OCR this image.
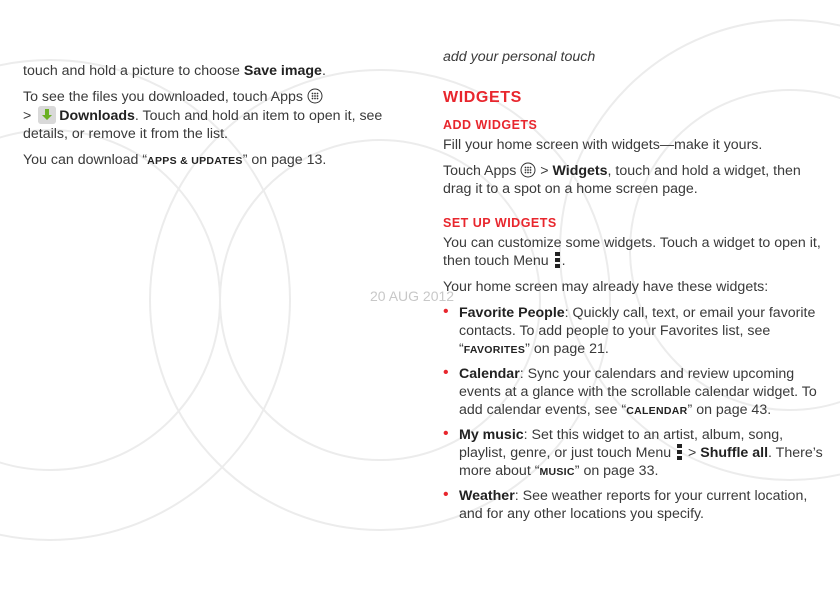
20 AUG 2012

touch and hold a picture to choose Save image.

To see the files you downloaded, touch Apps
> Downloads. Touch and hold an item to open it, see details, or remove it from the list.

You can download “APPS & UPDATES” on page 13.

add your personal touch
WIDGETS
ADD WIDGETS

Fill your home screen with widgets—make it yours.

Touch Apps  > Widgets, touch and hold a widget, then drag it to a spot on a home screen page.

SET UP WIDGETS

You can customize some widgets. Touch a widget to open it, then touch Menu .

Your home screen may already have these widgets:

• Favorite People: Quickly call, text, or email your favorite contacts. To add people to your Favorites list, see “FAVORITES” on page 21.
• Calendar: Sync your calendars and review upcoming events at a glance with the scrollable calendar widget. To add calendar events, see “CALENDAR” on page 43.
• My music: Set this widget to an artist, album, song, playlist, genre, or just touch Menu  > Shuffle all. There’s more about “MUSIC” on page 33.
• Weather: See weather reports for your current location, and for any other locations you specify.
